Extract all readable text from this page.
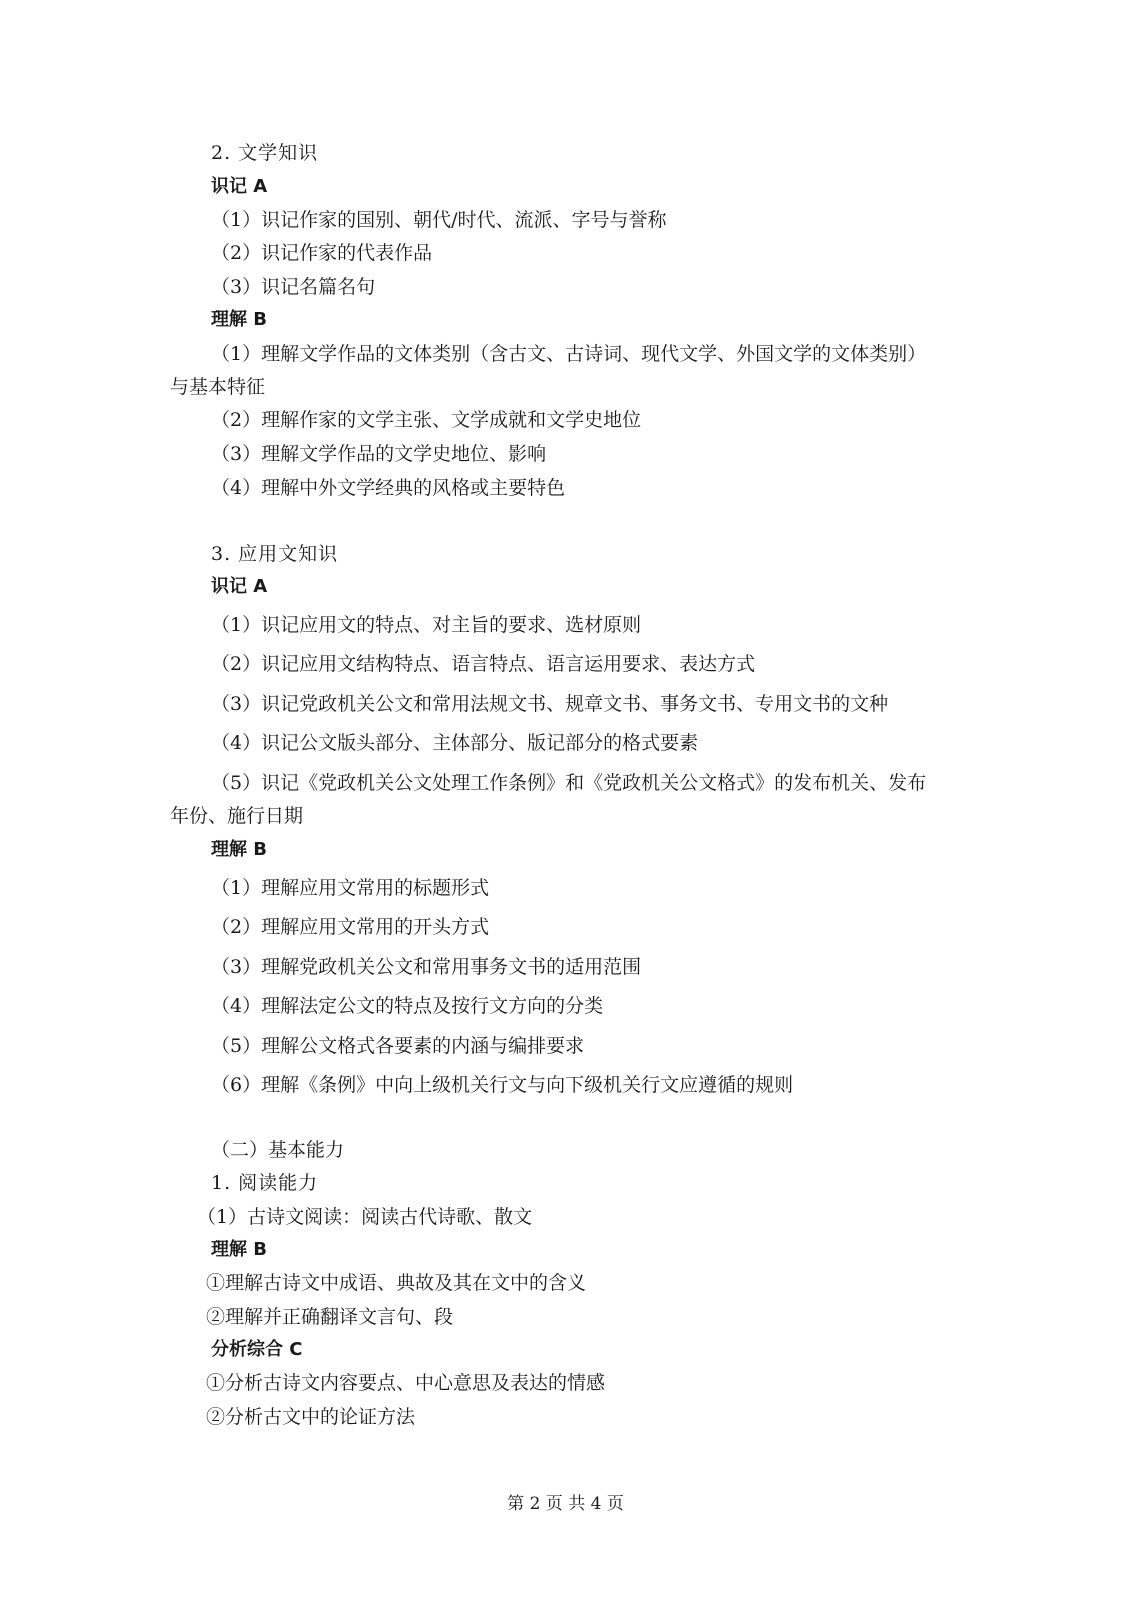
2. 文学知识
识记 A
（1）识记作家的国别、朝代/时代、流派、字号与誉称
（2）识记作家的代表作品
（3）识记名篇名句
理解 B
（1）理解文学作品的文体类别（含古文、古诗词、现代文学、外国文学的文体类别）
与基本特征
（2）理解作家的文学主张、文学成就和文学史地位
（3）理解文学作品的文学史地位、影响
（4）理解中外文学经典的风格或主要特色
3. 应用文知识
识记 A
（1）识记应用文的特点、对主旨的要求、选材原则
（2）识记应用文结构特点、语言特点、语言运用要求、表达方式
（3）识记党政机关公文和常用法规文书、规章文书、事务文书、专用文书的文种
（4）识记公文版头部分、主体部分、版记部分的格式要素
（5）识记《党政机关公文处理工作条例》和《党政机关公文格式》的发布机关、发布
年份、施行日期
理解 B
（1）理解应用文常用的标题形式
（2）理解应用文常用的开头方式
（3）理解党政机关公文和常用事务文书的适用范围
（4）理解法定公文的特点及按行文方向的分类
（5）理解公文格式各要素的内涵与编排要求
（6）理解《条例》中向上级机关行文与向下级机关行文应遵循的规则
（二）基本能力
1. 阅读能力
（1）古诗文阅读：阅读古代诗歌、散文
理解 B
①理解古诗文中成语、典故及其在文中的含义
②理解并正确翻译文言句、段
分析综合 C
①分析古诗文内容要点、中心意思及表达的情感
②分析古文中的论证方法
第 2 页 共 4 页
